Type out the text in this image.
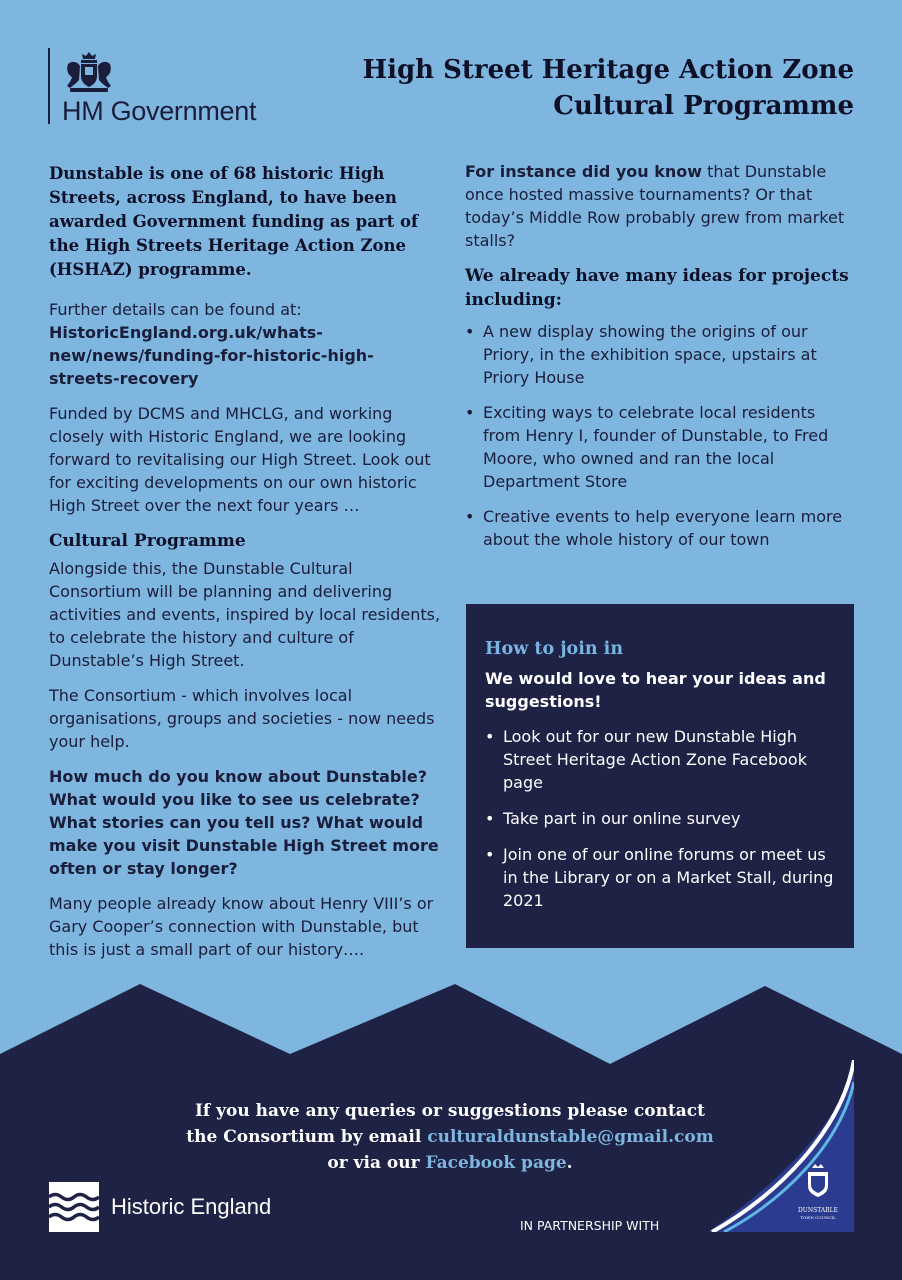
HM Government
High Street Heritage Action Zone
Cultural Programme
Dunstable is one of 68 historic High Streets, across England, to have been awarded Government funding as part of the High Streets Heritage Action Zone (HSHAZ) programme.

Further details can be found at:
HistoricEngland.org.uk/whats-new/news/funding-for-historic-high-streets-recovery

Funded by DCMS and MHCLG, and working closely with Historic England, we are looking forward to revitalising our High Street. Look out for exciting developments on our own historic High Street over the next four years …

Cultural Programme

Alongside this, the Dunstable Cultural Consortium will be planning and delivering activities and events, inspired by local residents, to celebrate the history and culture of Dunstable’s High Street.

The Consortium - which involves local organisations, groups and societies - now needs your help.

How much do you know about Dunstable? What would you like to see us celebrate? What stories can you tell us? What would make you visit Dunstable High Street more often or stay longer?

Many people already know about Henry VIII’s or Gary Cooper’s connection with Dunstable, but this is just a small part of our history….

For instance did you know that Dunstable once hosted massive tournaments? Or that today’s Middle Row probably grew from market stalls?

We already have many ideas for projects including:
• A new display showing the origins of our Priory, in the exhibition space, upstairs at Priory House
• Exciting ways to celebrate local residents from Henry I, founder of Dunstable, to Fred Moore, who owned and ran the local Department Store
• Creative events to help everyone learn more about the whole history of our town
How to join in
We would love to hear your ideas and suggestions!
• Look out for our new Dunstable High Street Heritage Action Zone Facebook page
• Take part in our online survey
• Join one of our online forums or meet us in the Library or on a Market Stall, during 2021
If you have any queries or suggestions please contact
the Consortium by email culturaldunstable@gmail.com
or via our Facebook page.
Historic England
IN PARTNERSHIP WITH
DUNSTABLE
TOWN COUNCIL
